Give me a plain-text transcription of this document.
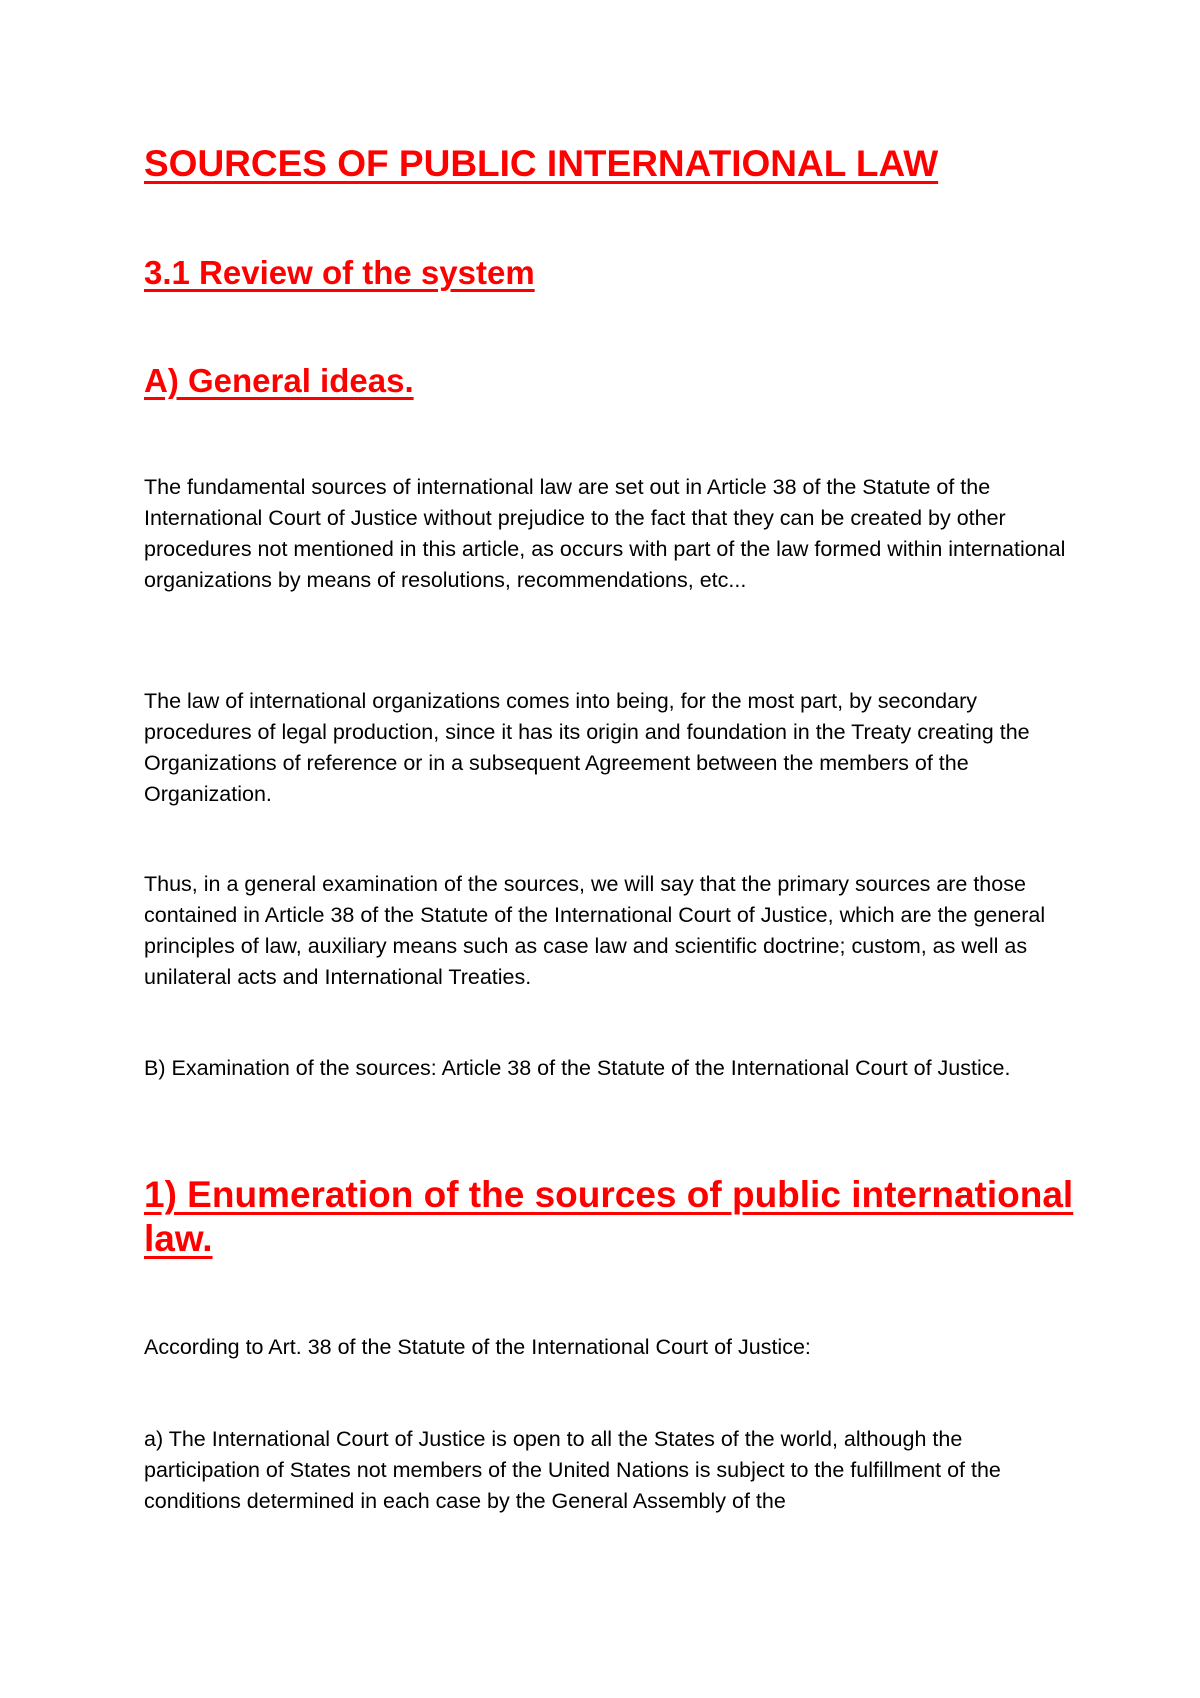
SOURCES OF PUBLIC INTERNATIONAL LAW
3.1 Review of the system
A) General ideas.

The fundamental sources of international law are set out in Article 38 of the Statute of the International Court of Justice without prejudice to the fact that they can be created by other procedures not mentioned in this article, as occurs with part of the law formed within international organizations by means of resolutions, recommendations, etc...

The law of international organizations comes into being, for the most part, by secondary procedures of legal production, since it has its origin and foundation in the Treaty creating the Organizations of reference or in a subsequent Agreement between the members of the Organization.

Thus, in a general examination of the sources, we will say that the primary sources are those contained in Article 38 of the Statute of the International Court of Justice, which are the general principles of law, auxiliary means such as case law and scientific doctrine; custom, as well as unilateral acts and International Treaties.

B) Examination of the sources: Article 38 of the Statute of the International Court of Justice.

1) Enumeration of the sources of public international law.

According to Art. 38 of the Statute of the International Court of Justice:

a) The International Court of Justice is open to all the States of the world, although the participation of States not members of the United Nations is subject to the fulfillment of the conditions determined in each case by the General Assembly of the
